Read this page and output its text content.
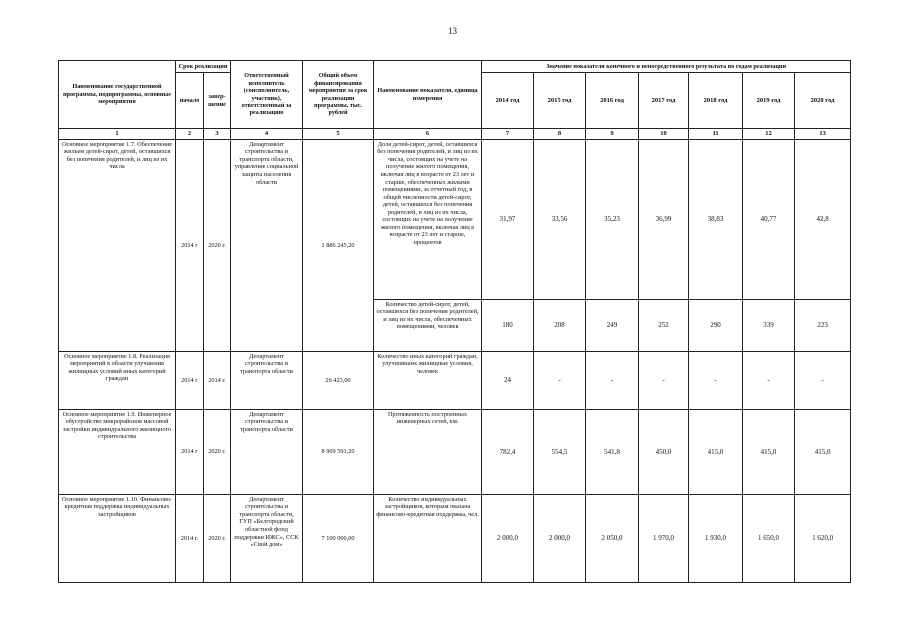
13
Наименование государственной программы, подпрограммы, основные мероприятия	Срок реализации		Ответственный исполнитель (соисполнитель, участник), ответственный за реализацию	Общий объем финансирования мероприятия за срок реализации программы, тыс. рублей	Наименование показателя, единица измерения	Значение показателя конечного и непосредственного результата по годам реализации						
	начало	завер-шение				2014 год	2015 год	2016 год	2017 год	2018 год	2019 год	2020 год
1	2	3	4	5	6	7	8	9	10	11	12	13
Основное мероприятие 1.7. Обеспечение жильем детей-сирот, детей, оставшихся без попечения родителей, и лиц из их числа	2014 г	2020 г.	Департамент строительства и транспорта области, управление социальной защиты населения области	1 886 245,20	Доля детей-сирот, детей, оставшихся без попечения родителей, и лиц из их числа, состоящих на учете на получение жилого помещения, включая лиц в возрасте от 23 лет и старше, обеспеченных жилыми помещениями, за отчетный год, в общей численности детей-сирот, детей, оставшихся без попечения родителей, и лиц из их числа, состоящих на учете на получение жилого помещения, включая лиц в возрасте от 23 лет и старше, процентов	31,97	33,56	35,23	36,99	38,83	40,77	42,8
					Количество детей-сирот, детей, оставшихся без попечения родителей, и лиц из их числа, обеспеченных помещениями, человек	180	208	249	252	290	339	223
Основное мероприятие 1.8. Реализация мероприятий в области улучшения жилищных условий иных категорий граждан	2014 г	2014 г.	Департамент строительства и транспорта области	26 423,00	Количество иных категорий граждан, улучшивших жилищные условия, человек	24	-	-	-	-	-	-
Основное мероприятие 1.9. Инженерное обустройство микрорайонов массовой застройки индивидуального жилищного строительства	2014 г	2020 г.	Департамент строительства и транспорта области	8 969 591,20	Протяженность построенных инженерных сетей, км.	782,4	554,5	541,8	450,0	415,0	415,0	415,0
Основное мероприятие 1.10. Финансово-кредитная поддержка индивидуальных застройщиков	2014 г.	2020 г.	Департамент строительства и транспорта области, ГУП «Белгородский областной фонд поддержки ИЖС», ССК «Свой дом»	7 100 000,00	Количество индивидуальных застройщиков, которым оказана финансово-кредитная поддержка, чел.	2 000,0	2 000,0	2 050,0	1 970,0	1 930,0	1 650,0	1 620,0
